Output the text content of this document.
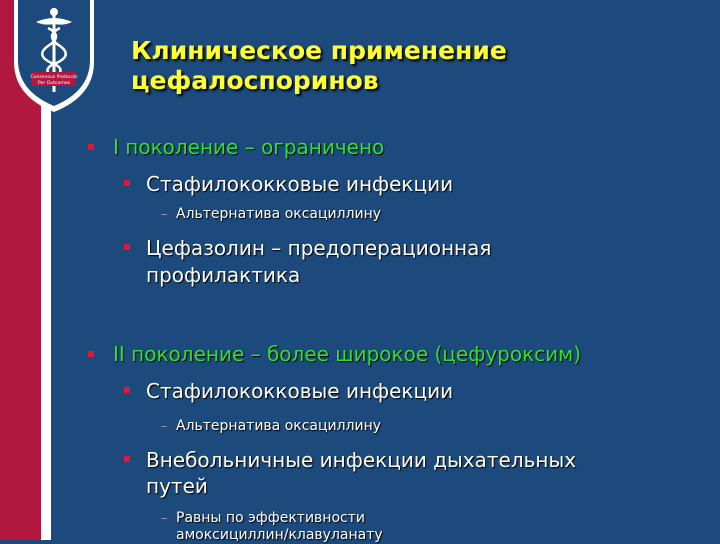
Consensus Protocols
Per Outcomes
Клиническое применение
цефалоспоринов
I поколение – ограничено
Стафилококковые инфекции
– Альтернатива оксациллину
Цефазолин – предоперационная
профилактика
II поколение – более широкое (цефуроксим)
Стафилококковые инфекции
– Альтернатива оксациллину
Внебольничные инфекции дыхательных
путей
– Равны по эффективности
амоксициллин/клавуланату
